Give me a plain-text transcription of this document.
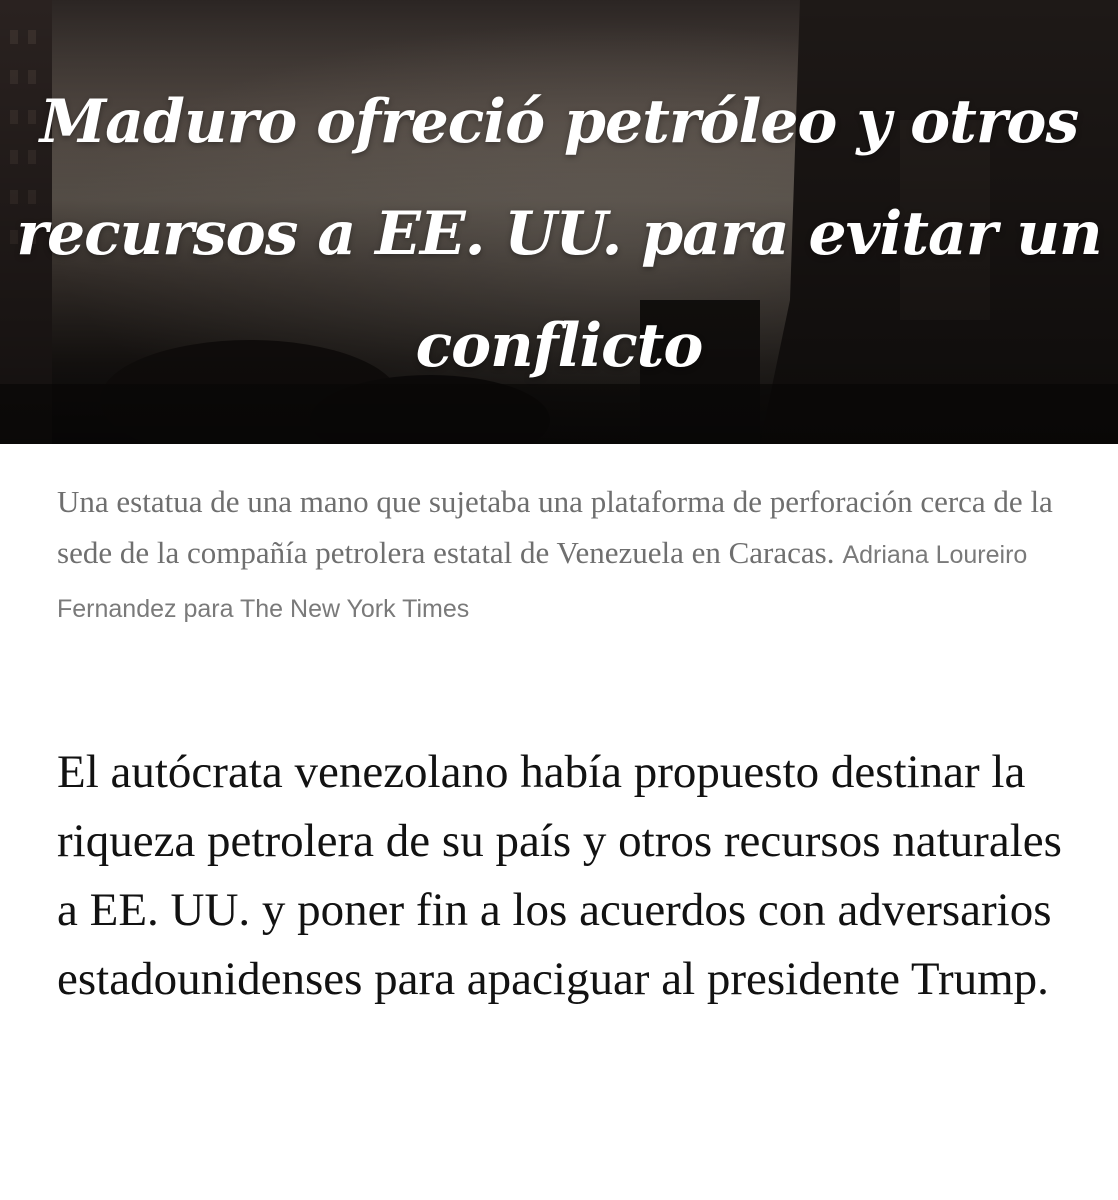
Maduro ofreció petróleo y otros recursos a EE. UU. para evitar un conflicto

Una estatua de una mano que sujetaba una plataforma de perforación cerca de la sede de la compañía petrolera estatal de Venezuela en Caracas. Adriana Loureiro Fernandez para The New York Times

El autócrata venezolano había propuesto destinar la riqueza petrolera de su país y otros recursos naturales a EE. UU. y poner fin a los acuerdos con adversarios estadounidenses para apaciguar al presidente Trump.
